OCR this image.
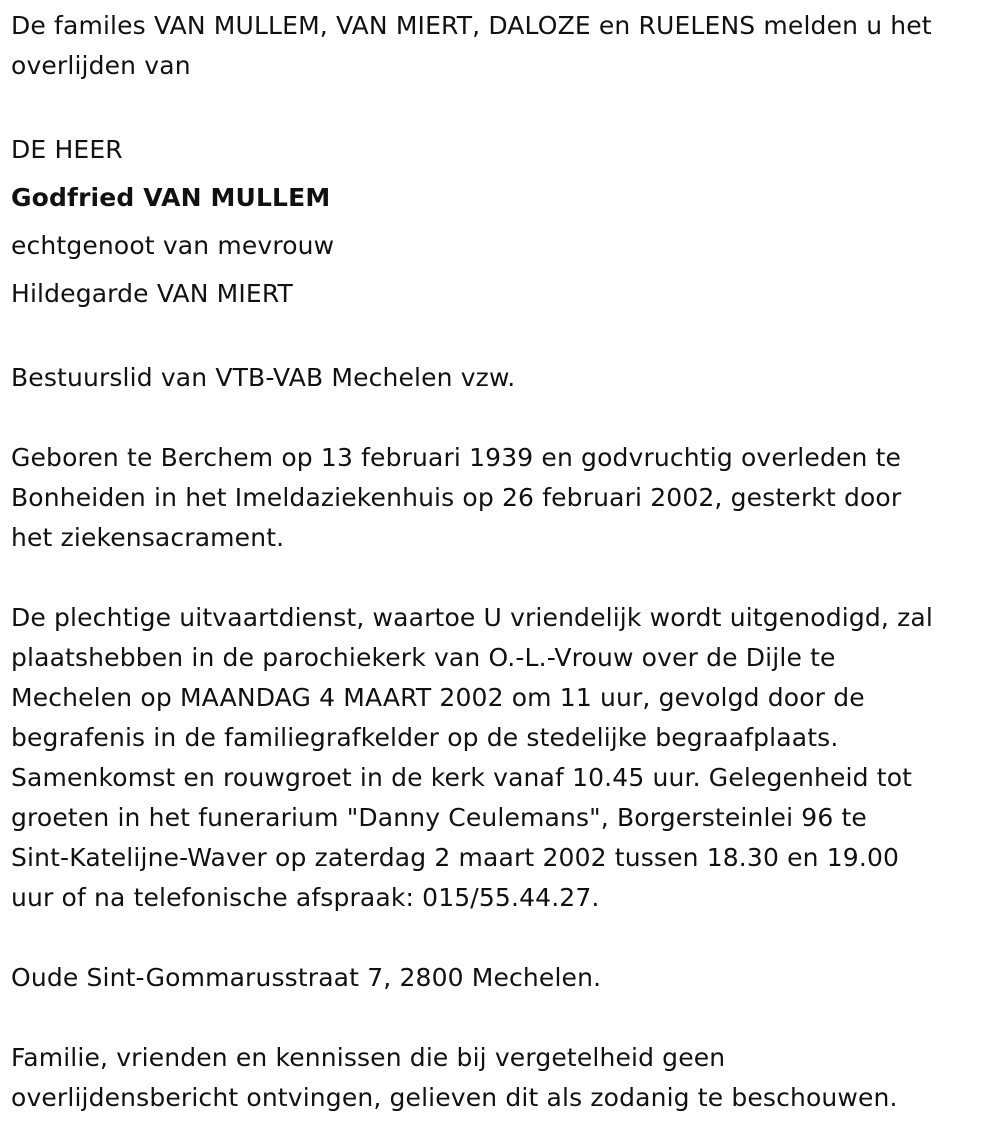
De familes VAN MULLEM, VAN MIERT, DALOZE en RUELENS melden u het
overlijden van
DE HEER
Godfried VAN MULLEM
echtgenoot van mevrouw
Hildegarde VAN MIERT
Bestuurslid van VTB-VAB Mechelen vzw.
Geboren te Berchem op 13 februari 1939 en godvruchtig overleden te
Bonheiden in het Imeldaziekenhuis op 26 februari 2002, gesterkt door
het ziekensacrament.
De plechtige uitvaartdienst, waartoe U vriendelijk wordt uitgenodigd, zal
plaatshebben in de parochiekerk van O.-L.-Vrouw over de Dijle te
Mechelen op MAANDAG 4 MAART 2002 om 11 uur, gevolgd door de
begrafenis in de familiegrafkelder op de stedelijke begraafplaats.
Samenkomst en rouwgroet in de kerk vanaf 10.45 uur. Gelegenheid tot
groeten in het funerarium "Danny Ceulemans", Borgersteinlei 96 te
Sint-Katelijne-Waver op zaterdag 2 maart 2002 tussen 18.30 en 19.00
uur of na telefonische afspraak: 015/55.44.27.
Oude Sint-Gommarusstraat 7, 2800 Mechelen.
Familie, vrienden en kennissen die bij vergetelheid geen
overlijdensbericht ontvingen, gelieven dit als zodanig te beschouwen.
